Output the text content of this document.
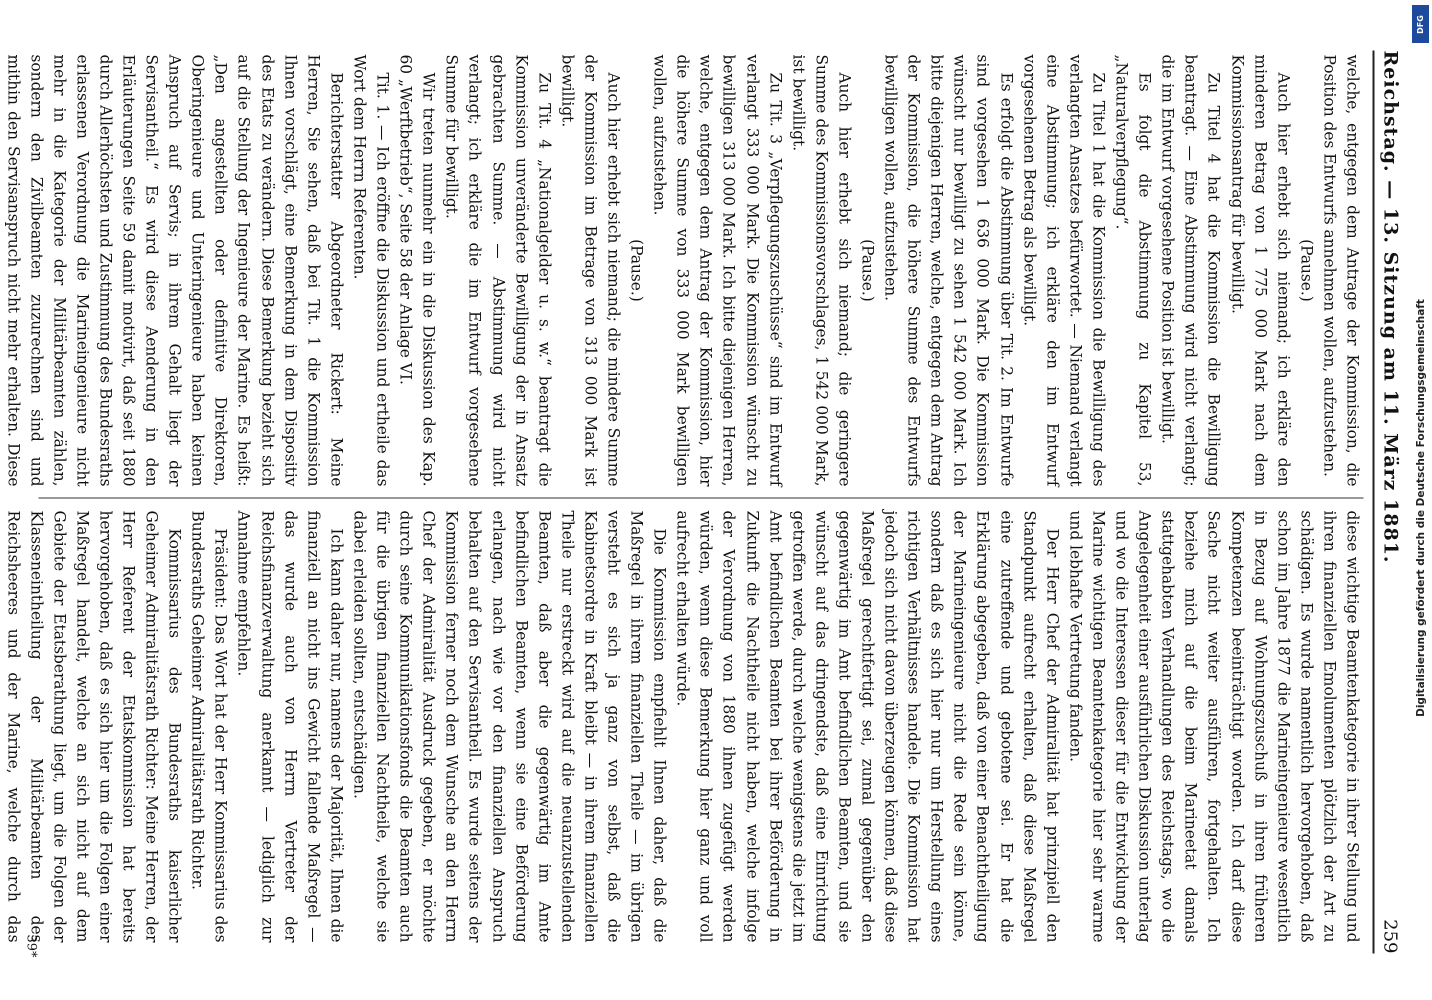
Reichstag. — 13. Sitzung am 11. März 1881.
259

welche, entgegen dem Antrage der Kommission, die Position des Entwurfs annehmen wollen, aufzustehen.

(Pause.)

Auch hier erhebt sich niemand; ich erkläre den minderen Betrag von 1 775 000 Mark nach dem Kommissionsantrag für bewilligt.

Zu Titel 4 hat die Kommission die Bewilligung beantragt. — Eine Abstimmung wird nicht verlangt; die im Entwurf vorgesehene Position ist bewilligt.

Es folgt die Abstimmung zu Kapitel 53, „Naturalverpflegung“.

Zu Titel 1 hat die Kommission die Bewilligung des verlangten Ansatzes befürwortet. — Niemand verlangt eine Abstimmung; ich erkläre den im Entwurf vorgesehenen Betrag als bewilligt.

Es erfolgt die Abstimmung über Tit. 2. Im Entwurfe sind vorgesehen 1 636 000 Mark. Die Kommission wünscht nur bewilligt zu sehen 1 542 000 Mark. Ich bitte diejenigen Herren, welche, entgegen dem Antrag der Kommission, die höhere Summe des Entwurfs bewilligen wollen, aufzustehen.

(Pause.)

Auch hier erhebt sich niemand; die geringere Summe des Kommissionsvorschlages, 1 542 000 Mark, ist bewilligt.

Zu Tit. 3 „Verpflegungszuschüsse“ sind im Entwurf verlangt 333 000 Mark. Die Kommission wünscht zu bewilligen 313 000 Mark. Ich bitte diejenigen Herren, welche, entgegen dem Antrag der Kommission, hier die höhere Summe von 333 000 Mark bewilligen wollen, aufzustehen.

(Pause.)

Auch hier erhebt sich niemand; die mindere Summe der Kommission im Betrage von 313 000 Mark ist bewilligt.

Zu Tit. 4 „Nationalgelder u. s. w.“ beantragt die Kommission unveränderte Bewilligung der in Ansatz gebrachten Summe. — Abstimmung wird nicht verlangt; ich erkläre die im Entwurf vorgesehene Summe für bewilligt.

Wir treten nunmehr ein in die Diskussion des Kap. 60 „Werftbetrieb“, Seite 58 der Anlage VI.

Tit. 1. — Ich eröffne die Diskussion und ertheile das Wort dem Herrn Referenten.

Berichterstatter Abgeordneter Rickert: Meine Herren, Sie sehen, daß bei Tit. 1 die Kommission Ihnen vorschlägt, eine Bemerkung in dem Dispositiv des Etats zu verändern. Diese Bemerkung bezieht sich auf die Stellung der Ingenieure der Marine. Es heißt: „Den angestellten oder definitive Direktoren, Oberingenieure und Unteringenieure haben keinen Anspruch auf Servis; in ihrem Gehalt liegt der Servisantheil.“ Es wird diese Aenderung in den Erläuterungen Seite 59 damit motivirt, daß seit 1880 durch Allerhöchsten und Zustimmung des Bundesraths erlassenen Verordnung die Marineingenieure nicht mehr in die Kategorie der Militärbeamten zählen, sondern den Zivilbeamten zuzurechnen sind und mithin den Servisanspruch nicht mehr erhalten. Diese

diese wichtige Beamtenkategorie in ihrer Stellung und ihren finanziellen Emolumenten plötzlich der Art zu schädigen. Es wurde namentlich hervorgehoben, daß schon im Jahre 1877 die Marineingenieure wesentlich in Bezug auf Wohnungszuschuß in ihren früheren Kompetenzen beeinträchtigt worden. Ich darf diese Sache nicht weiter ausführen, fortgehalten. Ich beziehe mich auf die beim Marineetat damals stattgehabten Verhandlungen des Reichstags, wo die Angelegenheit einer ausführlichen Diskussion unterlag und wo die Interessen dieser für die Entwicklung der Marine wichtigen Beamtenkategorie hier sehr warme und lebhafte Vertretung fanden.

Der Herr Chef der Admiralität hat prinzipiell den Standpunkt aufrecht erhalten, daß diese Maßregel eine zutreffende und gebotene sei. Er hat die Erklärung abgegeben, daß von einer Benachtheiligung der Marineingenieure nicht die Rede sein könne, sondern daß es sich hier nur um Herstellung eines richtigen Verhältnisses handele. Die Kommission hat jedoch sich nicht davon überzeugen können, daß diese Maßregel gerechtfertigt sei, zumal gegenüber den gegenwärtig im Amt befindlichen Beamten, und sie wünscht auf das dringendste, daß eine Einrichtung getroffen werde, durch welche wenigstens die jetzt im Amt befindlichen Beamten bei ihrer Beförderung in Zukunft die Nachtheile nicht haben, welche infolge der Verordnung von 1880 ihnen zugefügt werden würden, wenn diese Bemerkung hier ganz und voll aufrecht erhalten würde.

Die Kommission empfiehlt Ihnen daher, daß die Maßregel in ihrem finanziellen Theile — im übrigen versteht es sich ja ganz von selbst, daß die Kabinetsordre in Kraft bleibt — in ihrem finanziellen Theile nur erstreckt wird auf die neuanzustellenden Beamten, daß aber die gegenwärtig im Amte befindlichen Beamten, wenn sie eine Beförderung erlangen, nach wie vor den finanziellen Anspruch behalten auf den Servisantheil. Es wurde seitens der Kommission ferner noch dem Wunsche an den Herrn Chef der Admiralität Ausdruck gegeben, er möchte durch seine Kommunikationsfonds die Beamten auch für die übrigen finanziellen Nachtheile, welche sie dabei erleiden sollten, entschädigen.

Ich kann daher nur, namens der Majorität, Ihnen die finanziell an nicht ins Gewicht fallende Maßregel — das wurde auch von Herrn Vertreter der Reichsfinanzverwaltung anerkannt — lediglich zur Annahme empfehlen.

Präsident: Das Wort hat der Herr Kommissarius des Bundesraths Geheimer Admiralitätsrath Richter.

Kommissarius des Bundesraths kaiserlicher Geheimer Admiralitätsrath Richter: Meine Herren, der Herr Referent der Etatskommission hat bereits hervorgehoben, daß es sich hier um die Folgen einer Maßregel handelt, welche an sich nicht auf dem Gebiete der Etatsberathung liegt, um die Folgen der Klasseneintheilung der Militärbeamten des Reichsheeres und der Marine, welche durch das

39*
Digitalisierung gefördert durch die Deutsche Forschungsgemeinschaft
DFG
